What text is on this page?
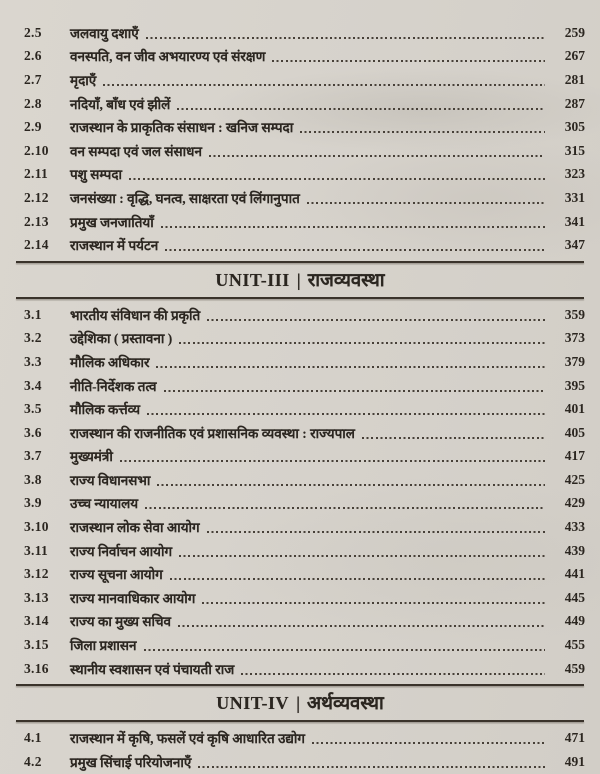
2.5	जलवायु दशाएँ	259
2.6	वनस्पति, वन जीव अभयारण्य एवं संरक्षण	267
2.7	मृदाएँ	281
2.8	नदियाँ, बाँध एवं झीलें	287
2.9	राजस्थान के प्राकृतिक संसाधन : खनिज सम्पदा	305
2.10	वन सम्पदा एवं जल संसाधन	315
2.11	पशु सम्पदा	323
2.12	जनसंख्या : वृद्धि, घनत्व, साक्षरता एवं लिंगानुपात	331
2.13	प्रमुख जनजातियाँ	341
2.14	राजस्थान में पर्यटन	347
UNIT-III | राजव्यवस्था
3.1	भारतीय संविधान की प्रकृति	359
3.2	उद्देशिका ( प्रस्तावना )	373
3.3	मौलिक अधिकार	379
3.4	नीति-निर्देशक तत्व	395
3.5	मौलिक कर्त्तव्य	401
3.6	राजस्थान की राजनीतिक एवं प्रशासनिक व्यवस्था : राज्यपाल	405
3.7	मुख्यमंत्री	417
3.8	राज्य विधानसभा	425
3.9	उच्च न्यायालय	429
3.10	राजस्थान लोक सेवा आयोग	433
3.11	राज्य निर्वाचन आयोग	439
3.12	राज्य सूचना आयोग	441
3.13	राज्य मानवाधिकार आयोग	445
3.14	राज्य का मुख्य सचिव	449
3.15	जिला प्रशासन	455
3.16	स्थानीय स्वशासन एवं पंचायती राज	459
UNIT-IV | अर्थव्यवस्था
4.1	राजस्थान में कृषि, फसलें एवं कृषि आधारित उद्योग	471
4.2	प्रमुख सिंचाई परियोजनाएँ	491
